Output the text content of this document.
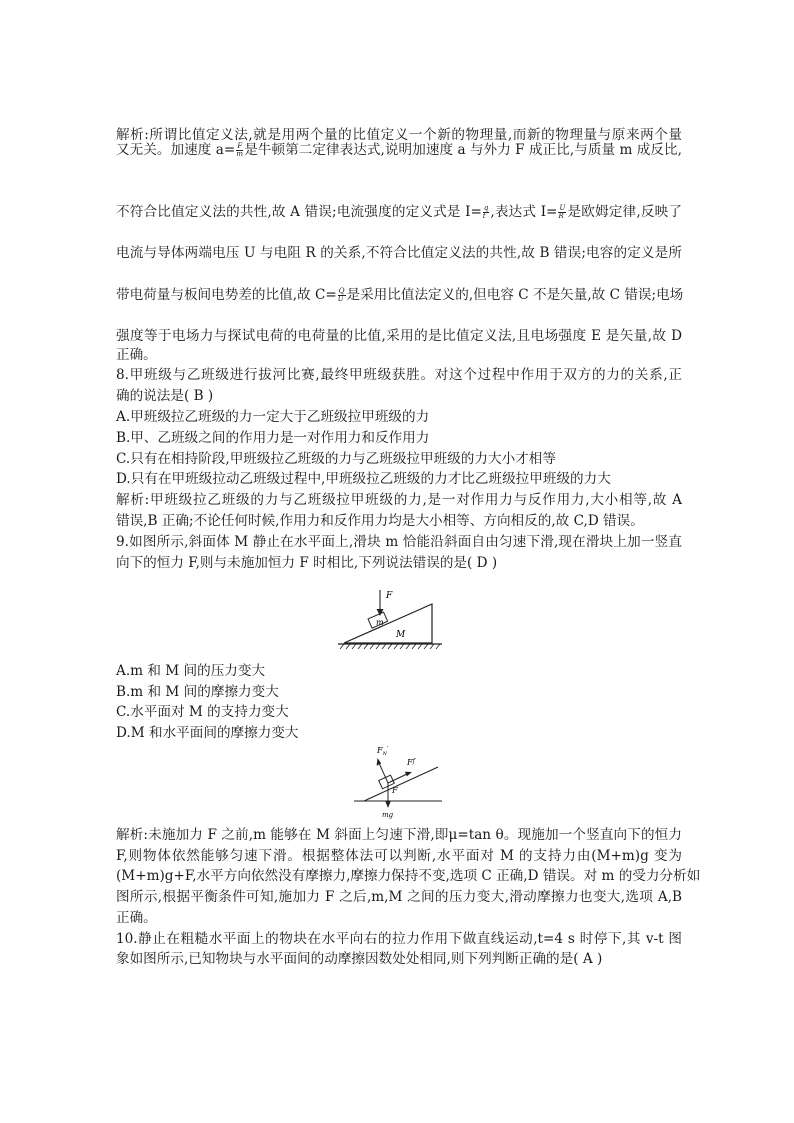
解析:所谓比值定义法,就是用两个量的比值定义一个新的物理量,而新的物理量与原来两个量
又无关。加速度 $a= \frac{F}{m}$ 是牛顿第二定律表达式,说明加速度 a 与外力 F 成正比,与质量 m 成反比,
不符合比值定义法的共性,故 A 错误;电流强度的定义式是 $I= \frac{q}{t}$ ,表达式 $I= \frac{U}{R}$ 是欧姆定律,反映了
电流与导体两端电压 U 与电阻 R 的关系,不符合比值定义法的共性,故 B 错误;电容的定义是所
带电荷量与板间电势差的比值,故 $C= \frac{Q}{U}$ 是采用比值法定义的,但电容 C 不是矢量,故 C 错误;电场
强度等于电场力与探试电荷的电荷量的比值,采用的是比值定义法,且电场强度 E 是矢量,故 D
正确。
8.甲班级与乙班级进行拔河比赛,最终甲班级获胜。对这个过程中作用于双方的力的关系,正
确的说法是( B )
A.甲班级拉乙班级的力一定大于乙班级拉甲班级的力
B.甲、乙班级之间的作用力是一对作用力和反作用力
C.只有在相持阶段,甲班级拉乙班级的力与乙班级拉甲班级的力大小才相等
D.只有在甲班级拉动乙班级过程中,甲班级拉乙班级的力才比乙班级拉甲班级的力大
解析:甲班级拉乙班级的力与乙班级拉甲班级的力,是一对作用力与反作用力,大小相等,故 A
错误,B 正确;不论任何时候,作用力和反作用力均是大小相等、方向相反的,故 C,D 错误。
9.如图所示,斜面体 M 静止在水平面上,滑块 m 恰能沿斜面自由匀速下滑,现在滑块上加一竖直
向下的恒力 F,则与未施加恒力 F 时相比,下列说法错误的是( D )
F
m
M
A.m 和 M 间的压力变大
B.m 和 M 间的摩擦力变大
C.水平面对 M 的支持力变大
D.M 和水平面间的摩擦力变大
$F_N'$
$F^f$
F
mg
解析:未施加力 F 之前,m 能够在 M 斜面上匀速下滑,即μ=tan θ。现施加一个竖直向下的恒力
F,则物体依然能够匀速下滑。根据整体法可以判断,水平面对 M 的支持力由(M+m)g 变为
(M+m)g+F,水平方向依然没有摩擦力,摩擦力保持不变,选项 C 正确,D 错误。对 m 的受力分析如
图所示,根据平衡条件可知,施加力 F 之后,m,M 之间的压力变大,滑动摩擦力也变大,选项 A,B
正确。
10.静止在粗糙水平面上的物块在水平向右的拉力作用下做直线运动,t=4 s 时停下,其 v-t 图
象如图所示,已知物块与水平面间的动摩擦因数处处相同,则下列判断正确的是( A )
